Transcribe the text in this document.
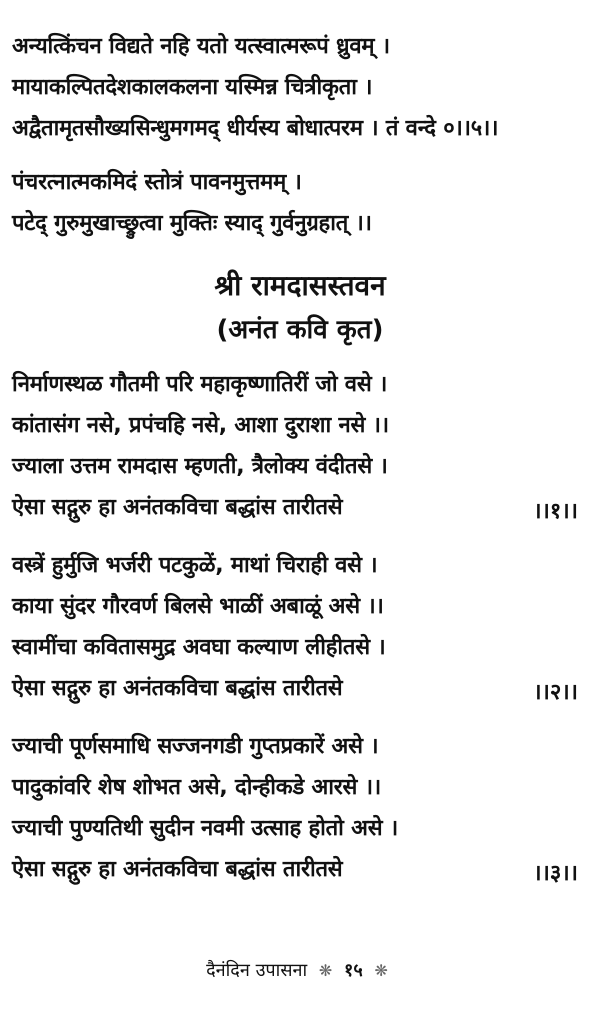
अन्यत्किंचन विद्यते नहि यतो यत्स्वात्मरूपं ध्रुवम् ।
मायाकल्पितदेशकालकलना यस्मिन्न चित्रीकृता ।
अद्वैतामृतसौख्यसिन्धुमगमद् धीर्यस्य बोधात्परम । तं वन्दे ०।।५।।
पंचरत्नात्मकमिदं स्तोत्रं पावनमुत्तमम् ।
पटेद् गुरुमुखाच्छ्रुत्वा मुक्तिः स्याद् गुर्वनुग्रहात् ।।
श्री रामदासस्तवन
(अनंत कवि कृत)
निर्माणस्थळ गौतमी परि महाकृष्णातिरीं जो वसे ।
कांतासंग नसे, प्रपंचहि नसे, आशा दुराशा नसे ।।
ज्याला उत्तम रामदास म्हणती, त्रैलोक्य वंदीतसे ।
ऐसा सद्गुरु हा अनंतकविचा बद्धांस तारीतसे	।।१।।
वस्त्रें हुर्मुजि भर्जरी पटकुळें, माथां चिराही वसे ।
काया सुंदर गौरवर्ण बिलसे भाळीं अबाळूं असे ।।
स्वामींचा कवितासमुद्र अवघा कल्याण लीहीतसे ।
ऐसा सद्गुरु हा अनंतकविचा बद्धांस तारीतसे	।।२।।
ज्याची पूर्णसमाधि सज्जनगडी गुप्तप्रकारें असे ।
पादुकांवरि शेष शोभत असे, दोन्हीकडे आरसे ।।
ज्याची पुण्यतिथी सुदीन नवमी उत्साह होतो असे ।
ऐसा सद्गुरु हा अनंतकविचा बद्धांस तारीतसे	।।३।।
दैनंदिन उपासना ❋ १५ ❋
